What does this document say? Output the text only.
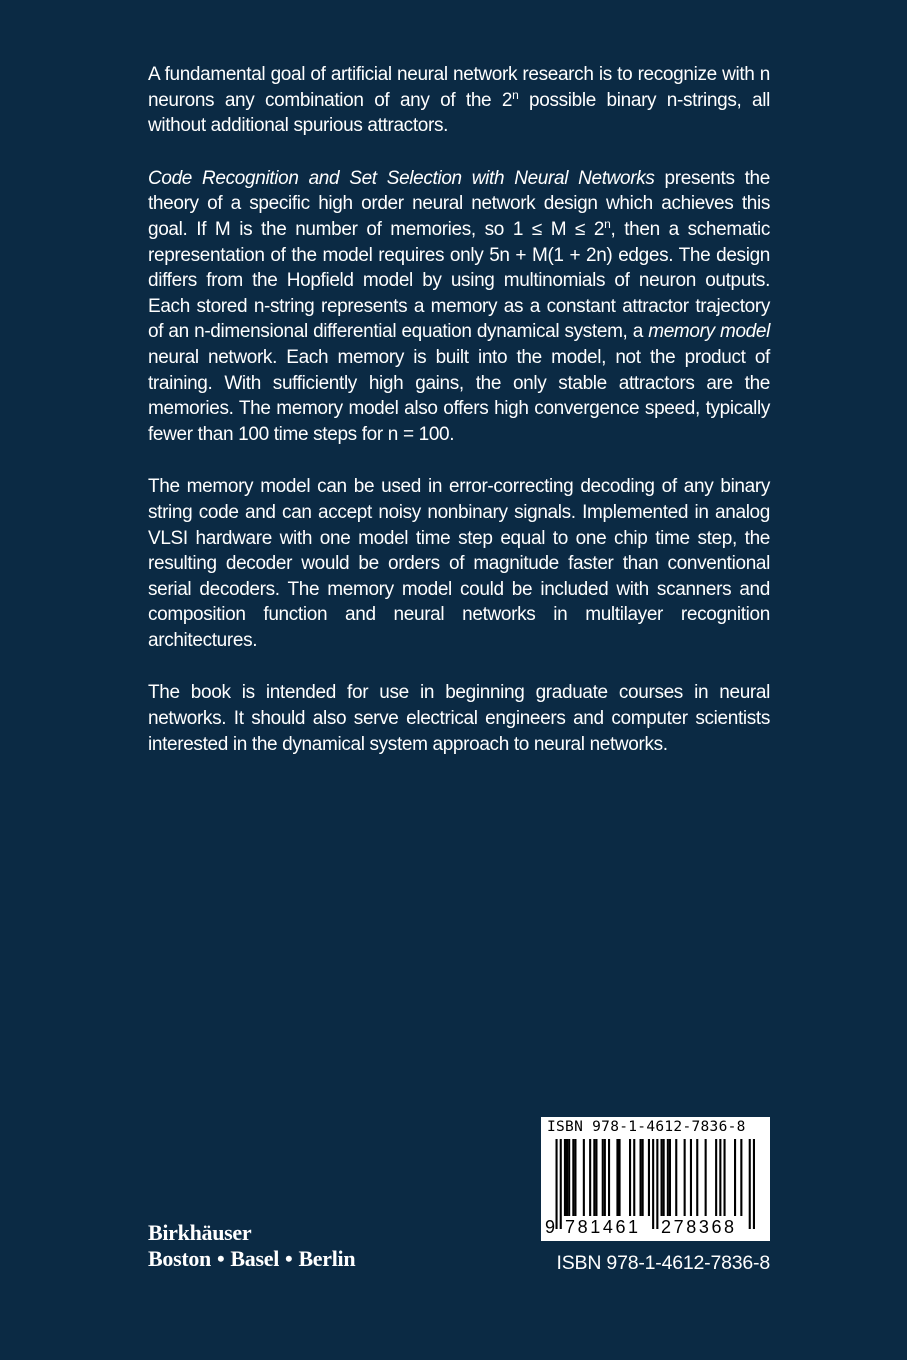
A fundamental goal of artificial neural network research is to recognize with n neurons any combination of any of the 2$^n$ possible binary n-strings, all without additional spurious attractors.

Code Recognition and Set Selection with Neural Networks presents the theory of a specific high order neural network design which achieves this goal. If M is the number of memories, so $1 \le M \le 2^n$, then a schematic representation of the model requires only 5n + M(1 + 2n) edges. The design differs from the Hopfield model by using multinomials of neuron outputs. Each stored n-string represents a memory as a constant attractor trajectory of an n-dimensional differential equation dynamical system, a memory model neural network. Each memory is built into the model, not the product of training. With sufficiently high gains, the only stable attractors are the memories. The memory model also offers high convergence speed, typically fewer than 100 time steps for n = 100.

The memory model can be used in error-correcting decoding of any binary string code and can accept noisy nonbinary signals. Implemented in analog VLSI hardware with one model time step equal to one chip time step, the resulting decoder would be orders of magnitude faster than conventional serial decoders. The memory model could be included with scanners and composition function and neural networks in multilayer recognition architectures.

The book is intended for use in beginning graduate courses in neural networks. It should also serve electrical engineers and computer scientists interested in the dynamical system approach to neural networks.

Birkhäuser
Boston • Basel • Berlin
ISBN 978-1-4612-7836-8
9 781461 278368
ISBN 978-1-4612-7836-8
